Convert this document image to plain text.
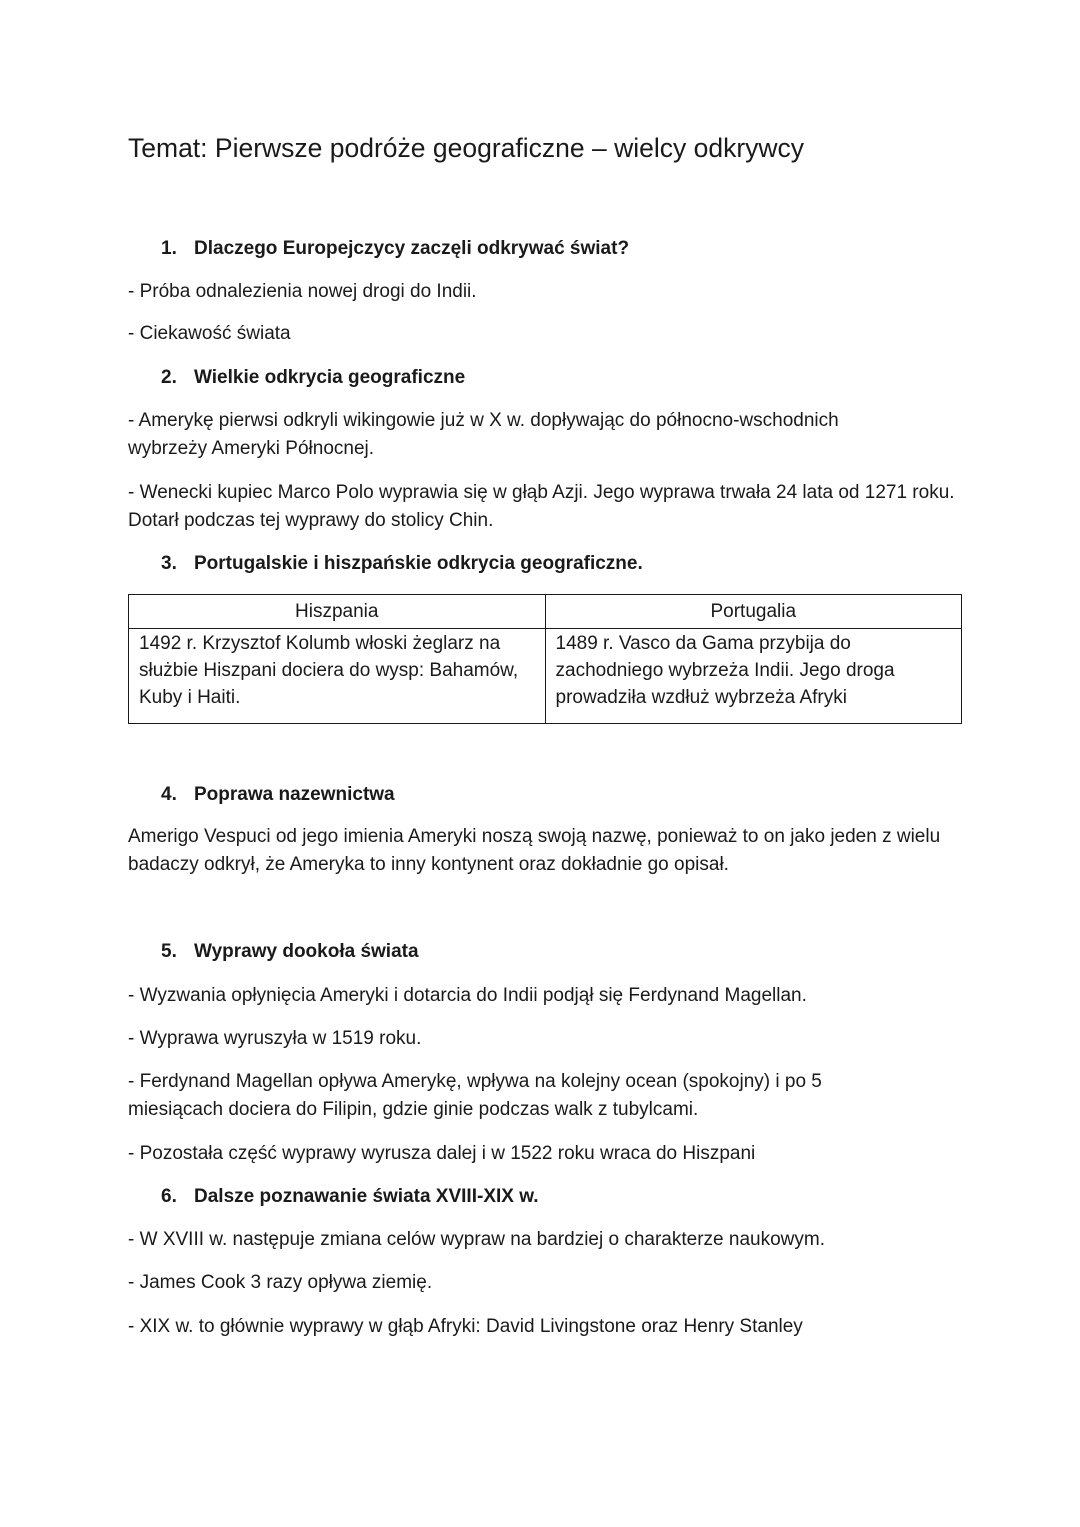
Temat: Pierwsze podróże geograficzne – wielcy odkrywcy
1. Dlaczego Europejczycy zaczęli odkrywać świat?

- Próba odnalezienia nowej drogi do Indii.

- Ciekawość świata

2. Wielkie odkrycia geograficzne

- Amerykę pierwsi odkryli wikingowie już w X w. dopływając do północno-wschodnich wybrzeży Ameryki Północnej.

- Wenecki kupiec Marco Polo wyprawia się w głąb Azji. Jego wyprawa trwała 24 lata od 1271 roku. Dotarł podczas tej wyprawy do stolicy Chin.

3. Portugalskie i hiszpańskie odkrycia geograficzne.
Hiszpania	Portugalia
1492 r. Krzysztof Kolumb włoski żeglarz na służbie Hiszpani dociera do wysp: Bahamów, Kuby i Haiti.	1489 r. Vasco da Gama przybija do zachodniego wybrzeża Indii. Jego droga prowadziła wzdłuż wybrzeża Afryki
4. Poprawa nazewnictwa

Amerigo Vespuci od jego imienia Ameryki noszą swoją nazwę, ponieważ to on jako jeden z wielu badaczy odkrył, że Ameryka to inny kontynent oraz dokładnie go opisał.

5. Wyprawy dookoła świata

- Wyzwania opłynięcia Ameryki i dotarcia do Indii podjął się Ferdynand Magellan.

- Wyprawa wyruszyła w 1519 roku.

- Ferdynand Magellan opływa Amerykę, wpływa na kolejny ocean (spokojny) i po 5 miesiącach dociera do Filipin, gdzie ginie podczas walk z tubylcami.

- Pozostała część wyprawy wyrusza dalej i w 1522 roku wraca do Hiszpani

6. Dalsze poznawanie świata XVIII-XIX w.

- W XVIII w. następuje zmiana celów wypraw na bardziej o charakterze naukowym.

- James Cook 3 razy opływa ziemię.

- XIX w. to głównie wyprawy w głąb Afryki: David Livingstone oraz Henry Stanley
